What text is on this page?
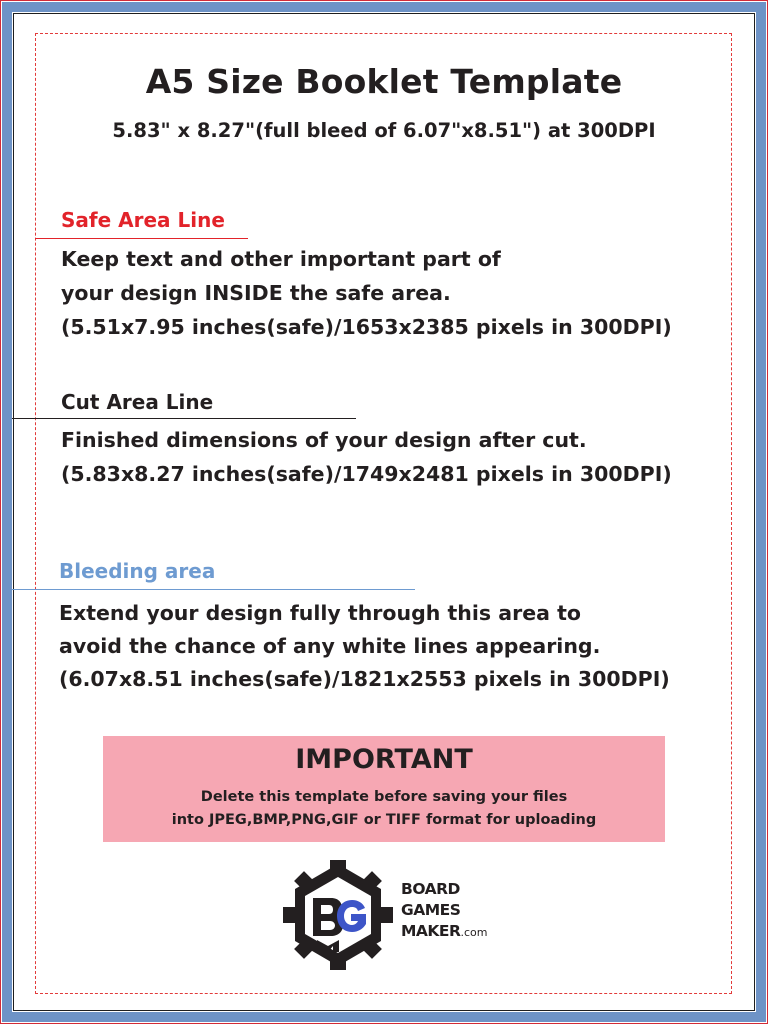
A5 Size Booklet Template
5.83" x 8.27"(full bleed of 6.07"x8.51") at 300DPI
Safe Area Line
Keep text and other important part of
your design INSIDE the safe area.
(5.51x7.95 inches(safe)/1653x2385 pixels in 300DPI)
Cut Area Line
Finished dimensions of your design after cut.
(5.83x8.27 inches(safe)/1749x2481 pixels in 300DPI)
Bleeding area
Extend your design fully through this area to
avoid the chance of any white lines appearing.
(6.07x8.51 inches(safe)/1821x2553 pixels in 300DPI)
IMPORTANT
Delete this template before saving your files
into JPEG,BMP,PNG,GIF or TIFF format for uploading
BOARD
GAMES
MAKER.com
